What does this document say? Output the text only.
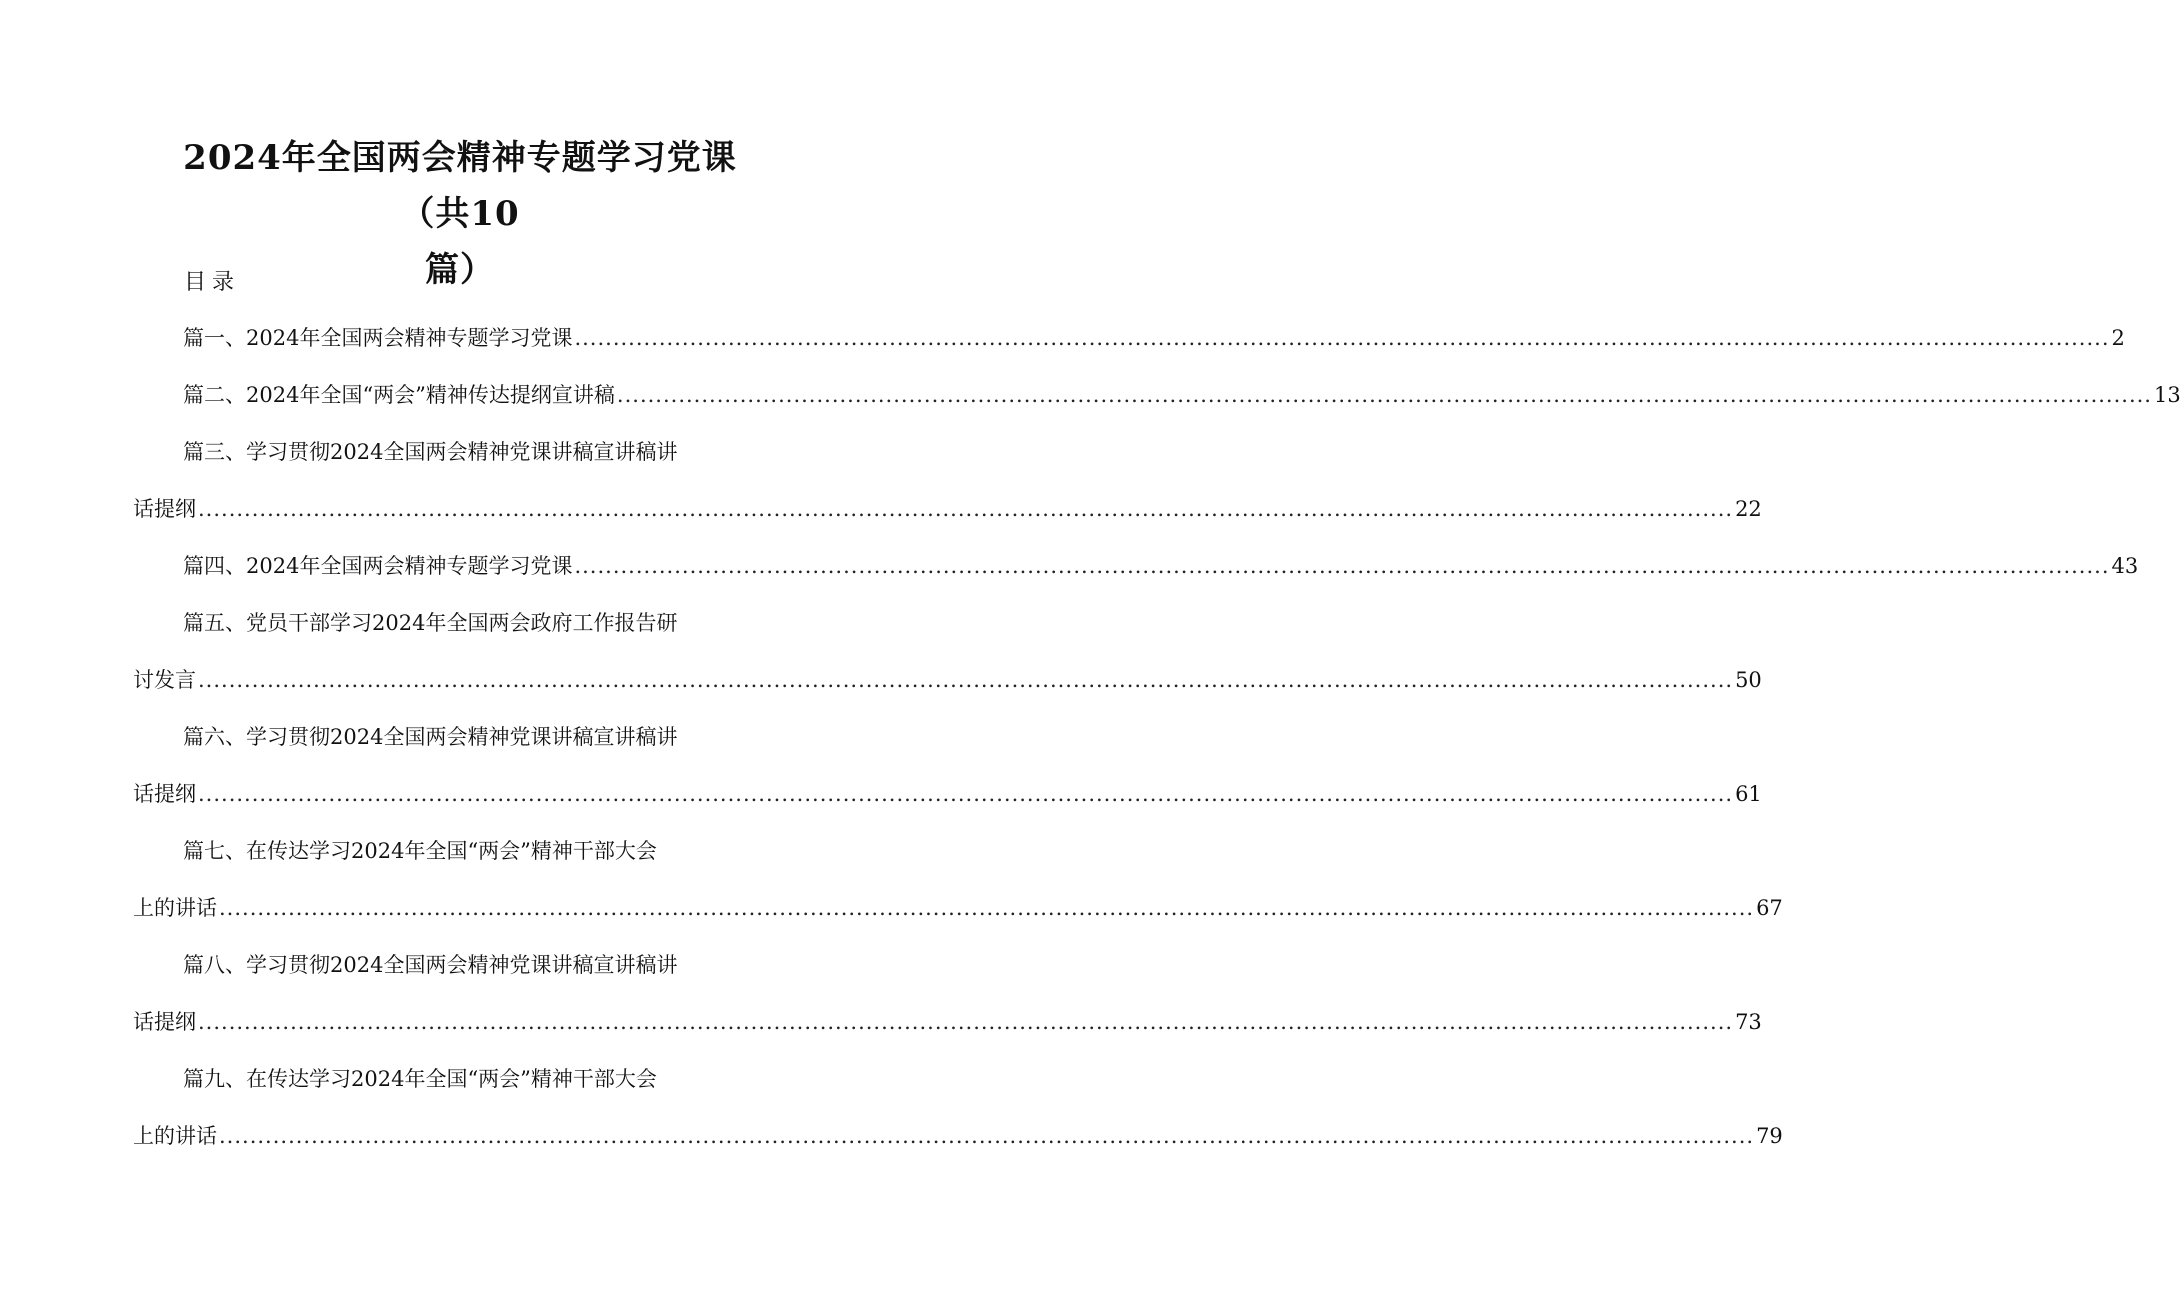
2024年全国两会精神专题学习党课（共10
篇）
目录
篇一、2024年全国两会精神专题学习党课 ........................................................................................................................................................................................................ 2
篇二、2024年全国“两会”精神传达提纲宣讲稿 ........................................................................................................................................................................................................ 13
篇三、学习贯彻2024全国两会精神党课讲稿宣讲稿讲
话提纲 ........................................................................................................................................................................................................ 22
篇四、2024年全国两会精神专题学习党课 ........................................................................................................................................................................................................ 43
篇五、党员干部学习2024年全国两会政府工作报告研
讨发言 ........................................................................................................................................................................................................ 50
篇六、学习贯彻2024全国两会精神党课讲稿宣讲稿讲
话提纲 ........................................................................................................................................................................................................ 61
篇七、在传达学习2024年全国“两会”精神干部大会
上的讲话 ........................................................................................................................................................................................................ 67
篇八、学习贯彻2024全国两会精神党课讲稿宣讲稿讲
话提纲 ........................................................................................................................................................................................................ 73
篇九、在传达学习2024年全国“两会”精神干部大会
上的讲话 ........................................................................................................................................................................................................ 79
